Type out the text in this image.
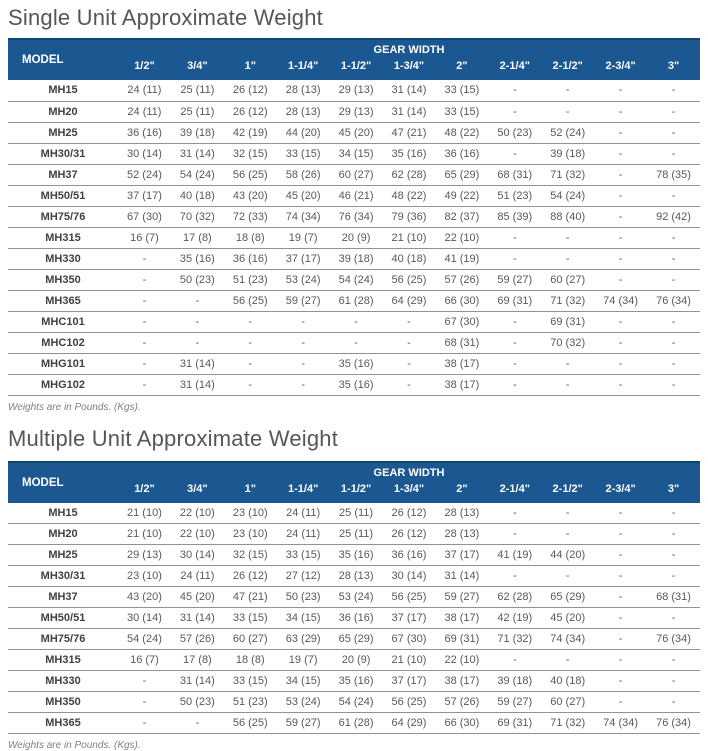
Single Unit Approximate Weight
MODEL	GEAR WIDTH										
	1/2"	3/4"	1"	1-1/4"	1-1/2"	1-3/4"	2"	2-1/4"	2-1/2"	2-3/4"	3"
MH15	24 (11)	25 (11)	26 (12)	28 (13)	29 (13)	31 (14)	33 (15)	-	-	-	-
MH20	24 (11)	25 (11)	26 (12)	28 (13)	29 (13)	31 (14)	33 (15)	-	-	-	-
MH25	36 (16)	39 (18)	42 (19)	44 (20)	45 (20)	47 (21)	48 (22)	50 (23)	52 (24)	-	-
MH30/31	30 (14)	31 (14)	32 (15)	33 (15)	34 (15)	35 (16)	36 (16)	-	39 (18)	-	-
MH37	52 (24)	54 (24)	56 (25)	58 (26)	60 (27)	62 (28)	65 (29)	68 (31)	71 (32)	-	78 (35)
MH50/51	37 (17)	40 (18)	43 (20)	45 (20)	46 (21)	48 (22)	49 (22)	51 (23)	54 (24)	-	-
MH75/76	67 (30)	70 (32)	72 (33)	74 (34)	76 (34)	79 (36)	82 (37)	85 (39)	88 (40)	-	92 (42)
MH315	16 (7)	17 (8)	18 (8)	19 (7)	20 (9)	21 (10)	22 (10)	-	-	-	-
MH330	-	35 (16)	36 (16)	37 (17)	39 (18)	40 (18)	41 (19)	-	-	-	-
MH350	-	50 (23)	51 (23)	53 (24)	54 (24)	56 (25)	57 (26)	59 (27)	60 (27)	-	-
MH365	-	-	56 (25)	59 (27)	61 (28)	64 (29)	66 (30)	69 (31)	71 (32)	74 (34)	76 (34)
MHC101	-	-	-	-	-	-	67 (30)	-	69 (31)	-	-
MHC102	-	-	-	-	-	-	68 (31)	-	70 (32)	-	-
MHG101	-	31 (14)	-	-	35 (16)	-	38 (17)	-	-	-	-
MHG102	-	31 (14)	-	-	35 (16)	-	38 (17)	-	-	-	-

Weights are in Pounds. (Kgs).

Multiple Unit Approximate Weight
MODEL	GEAR WIDTH										
	1/2"	3/4"	1"	1-1/4"	1-1/2"	1-3/4"	2"	2-1/4"	2-1/2"	2-3/4"	3"
MH15	21 (10)	22 (10)	23 (10)	24 (11)	25 (11)	26 (12)	28 (13)	-	-	-	-
MH20	21 (10)	22 (10)	23 (10)	24 (11)	25 (11)	26 (12)	28 (13)	-	-	-	-
MH25	29 (13)	30 (14)	32 (15)	33 (15)	35 (16)	36 (16)	37 (17)	41 (19)	44 (20)	-	-
MH30/31	23 (10)	24 (11)	26 (12)	27 (12)	28 (13)	30 (14)	31 (14)	-	-	-	-
MH37	43 (20)	45 (20)	47 (21)	50 (23)	53 (24)	56 (25)	59 (27)	62 (28)	65 (29)	-	68 (31)
MH50/51	30 (14)	31 (14)	33 (15)	34 (15)	36 (16)	37 (17)	38 (17)	42 (19)	45 (20)	-	-
MH75/76	54 (24)	57 (26)	60 (27)	63 (29)	65 (29)	67 (30)	69 (31)	71 (32)	74 (34)	-	76 (34)
MH315	16 (7)	17 (8)	18 (8)	19 (7)	20 (9)	21 (10)	22 (10)	-	-	-	-
MH330	-	31 (14)	33 (15)	34 (15)	35 (16)	37 (17)	38 (17)	39 (18)	40 (18)	-	-
MH350	-	50 (23)	51 (23)	53 (24)	54 (24)	56 (25)	57 (26)	59 (27)	60 (27)	-	-
MH365	-	-	56 (25)	59 (27)	61 (28)	64 (29)	66 (30)	69 (31)	71 (32)	74 (34)	76 (34)

Weights are in Pounds. (Kgs).
